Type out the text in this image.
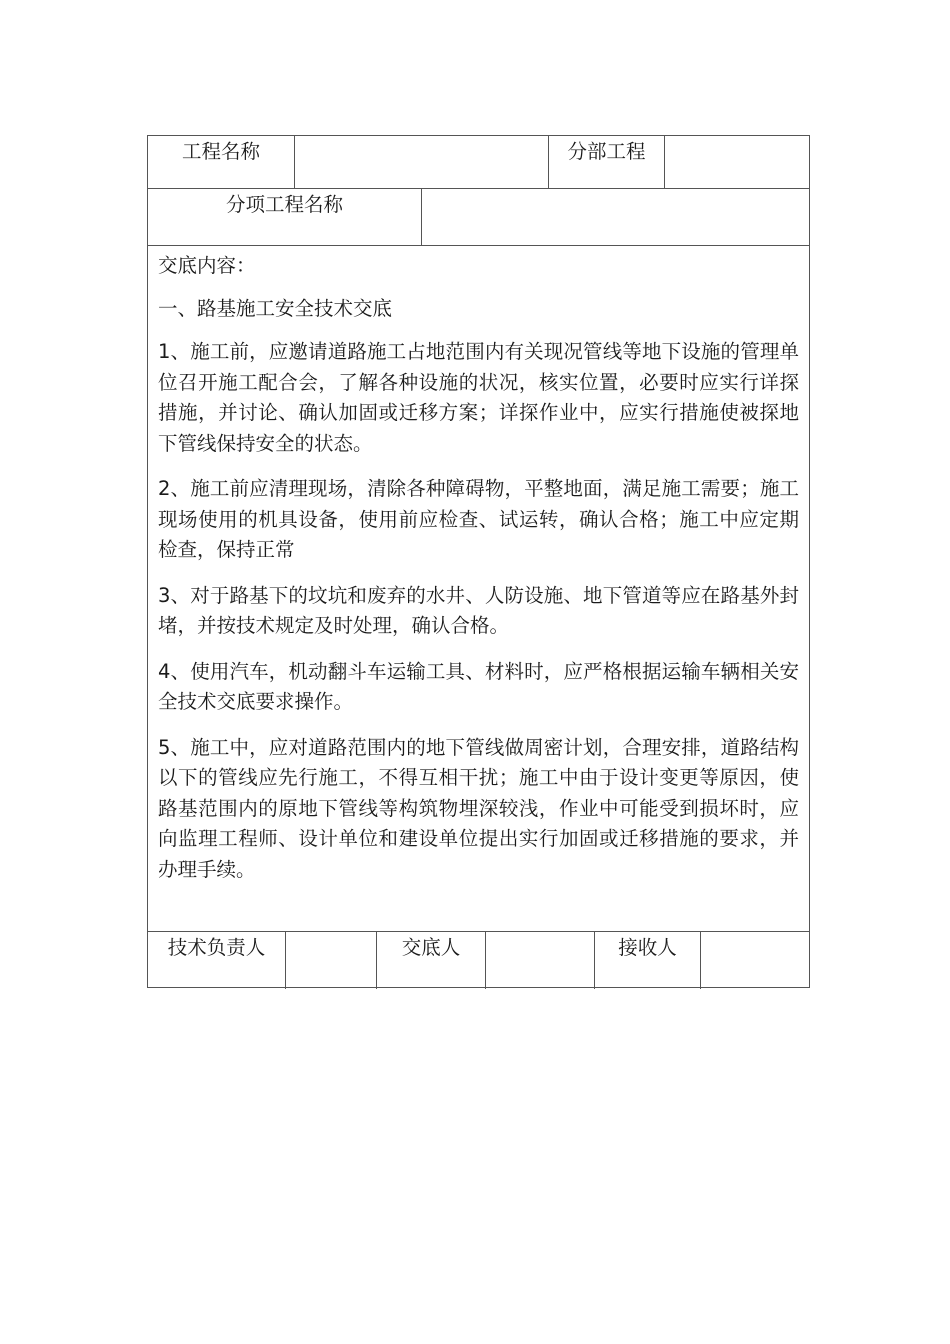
工程名称	分部工程
分项工程名称

交底内容：

一、路基施工安全技术交底

1、施工前，应邀请道路施工占地范围内有关现况管线等地下设施的管理单位召开施工配合会，了解各种设施的状况，核实位置，必要时应实行详探措施，并讨论、确认加固或迁移方案；详探作业中，应实行措施使被探地下管线保持安全的状态。

2、施工前应清理现场，清除各种障碍物，平整地面，满足施工需要；施工现场使用的机具设备，使用前应检查、试运转，确认合格；施工中应定期检查，保持正常

3、对于路基下的坟坑和废弃的水井、人防设施、地下管道等应在路基外封堵，并按技术规定及时处理，确认合格。

4、使用汽车，机动翻斗车运输工具、材料时，应严格根据运输车辆相关安全技术交底要求操作。

5、施工中，应对道路范围内的地下管线做周密计划，合理安排，道路结构以下的管线应先行施工，不得互相干扰；施工中由于设计变更等原因，使路基范围内的原地下管线等构筑物埋深较浅，作业中可能受到损坏时，应向监理工程师、设计单位和建设单位提出实行加固或迁移措施的要求，并办理手续。

技术负责人	交底人	接收人
